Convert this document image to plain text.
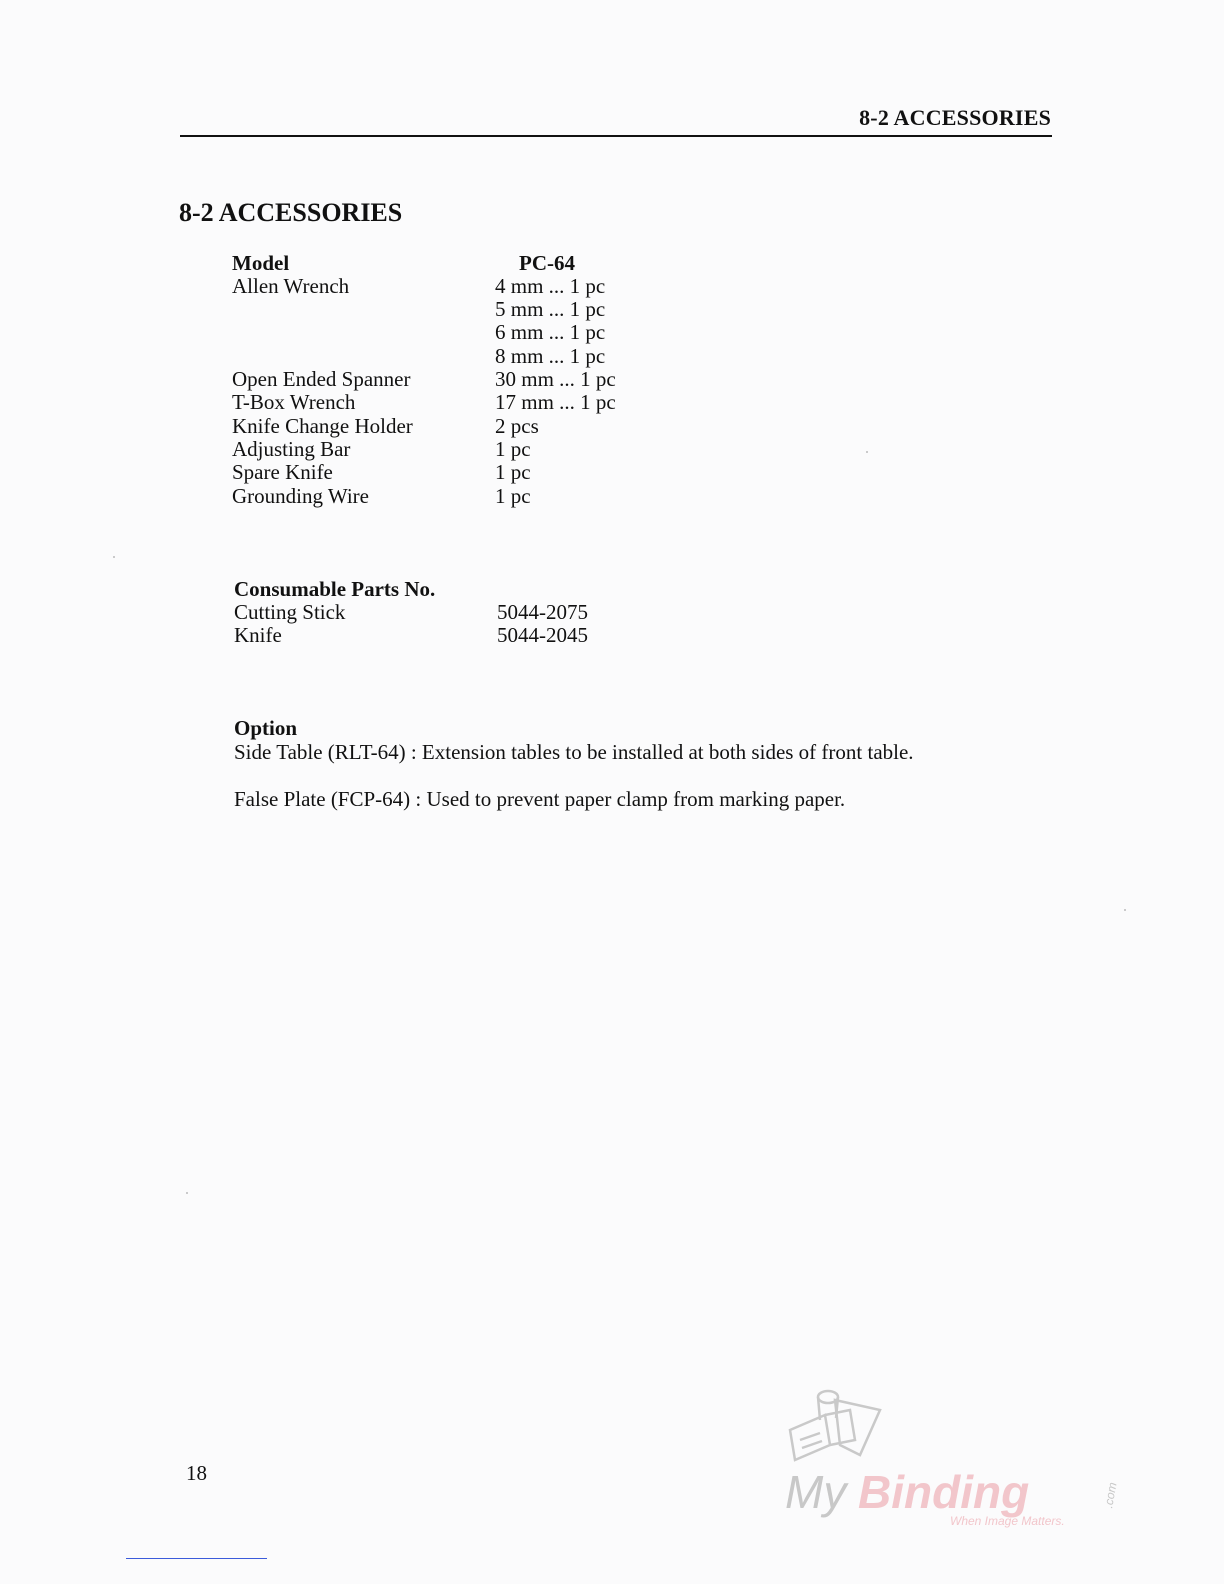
8-2 ACCESSORIES
8-2 ACCESSORIES
Model	PC-64
Allen Wrench	4 mm ... 1 pc
5 mm ... 1 pc
6 mm ... 1 pc
8 mm ... 1 pc
Open Ended Spanner	30 mm ... 1 pc
T-Box Wrench	17 mm ... 1 pc
Knife Change Holder	2 pcs
Adjusting Bar	1 pc
Spare Knife	1 pc
Grounding Wire	1 pc
Consumable Parts No.
Cutting Stick	5044-2075
Knife	5044-2045
Option
Side Table (RLT-64) : Extension tables to be installed at both sides of front table.
False Plate (FCP-64) : Used to prevent paper clamp from marking paper.
18	My Binding	.com
When Image Matters.
